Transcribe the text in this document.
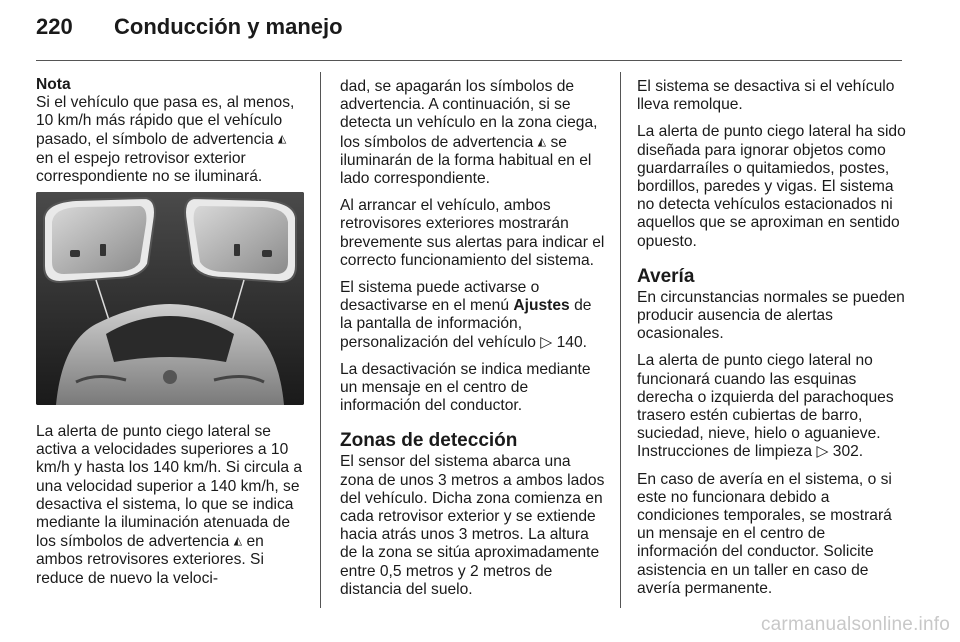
220 Conducción y manejo
Nota

Si el vehículo que pasa es, al menos, 10 km/h más rápido que el vehículo pasado, el símbolo de advertencia ◭ en el espejo retrovisor exterior correspondiente no se iluminará.

La alerta de punto ciego lateral se activa a velocidades superiores a 10 km/h y hasta los 140 km/h. Si circula a una velocidad superior a 140 km/h, se desactiva el sistema, lo que se indica mediante la iluminación atenuada de los símbolos de advertencia ◭ en ambos retrovisores exteriores. Si reduce de nuevo la veloci-

dad, se apagarán los símbolos de advertencia. A continuación, si se detecta un vehículo en la zona ciega, los símbolos de advertencia ◭ se iluminarán de la forma habitual en el lado correspondiente.

Al arrancar el vehículo, ambos retrovisores exteriores mostrarán brevemente sus alertas para indicar el correcto funcionamiento del sistema.

El sistema puede activarse o desactivarse en el menú Ajustes de la pantalla de información, personalización del vehículo ▷ 140.

La desactivación se indica mediante un mensaje en el centro de información del conductor.

Zonas de detección

El sensor del sistema abarca una zona de unos 3 metros a ambos lados del vehículo. Dicha zona comienza en cada retrovisor exterior y se extiende hacia atrás unos 3 metros. La altura de la zona se sitúa aproximadamente entre 0,5 metros y 2 metros de distancia del suelo.

El sistema se desactiva si el vehículo lleva remolque.

La alerta de punto ciego lateral ha sido diseñada para ignorar objetos como guardarraíles o quitamiedos, postes, bordillos, paredes y vigas. El sistema no detecta vehículos estacionados ni aquellos que se aproximan en sentido opuesto.

Avería

En circunstancias normales se pueden producir ausencia de alertas ocasionales.

La alerta de punto ciego lateral no funcionará cuando las esquinas derecha o izquierda del parachoques trasero estén cubiertas de barro, suciedad, nieve, hielo o aguanieve. Instrucciones de limpieza ▷ 302.

En caso de avería en el sistema, o si este no funcionara debido a condiciones temporales, se mostrará un mensaje en el centro de información del conductor. Solicite asistencia en un taller en caso de avería permanente.

carmanualsonline.info
